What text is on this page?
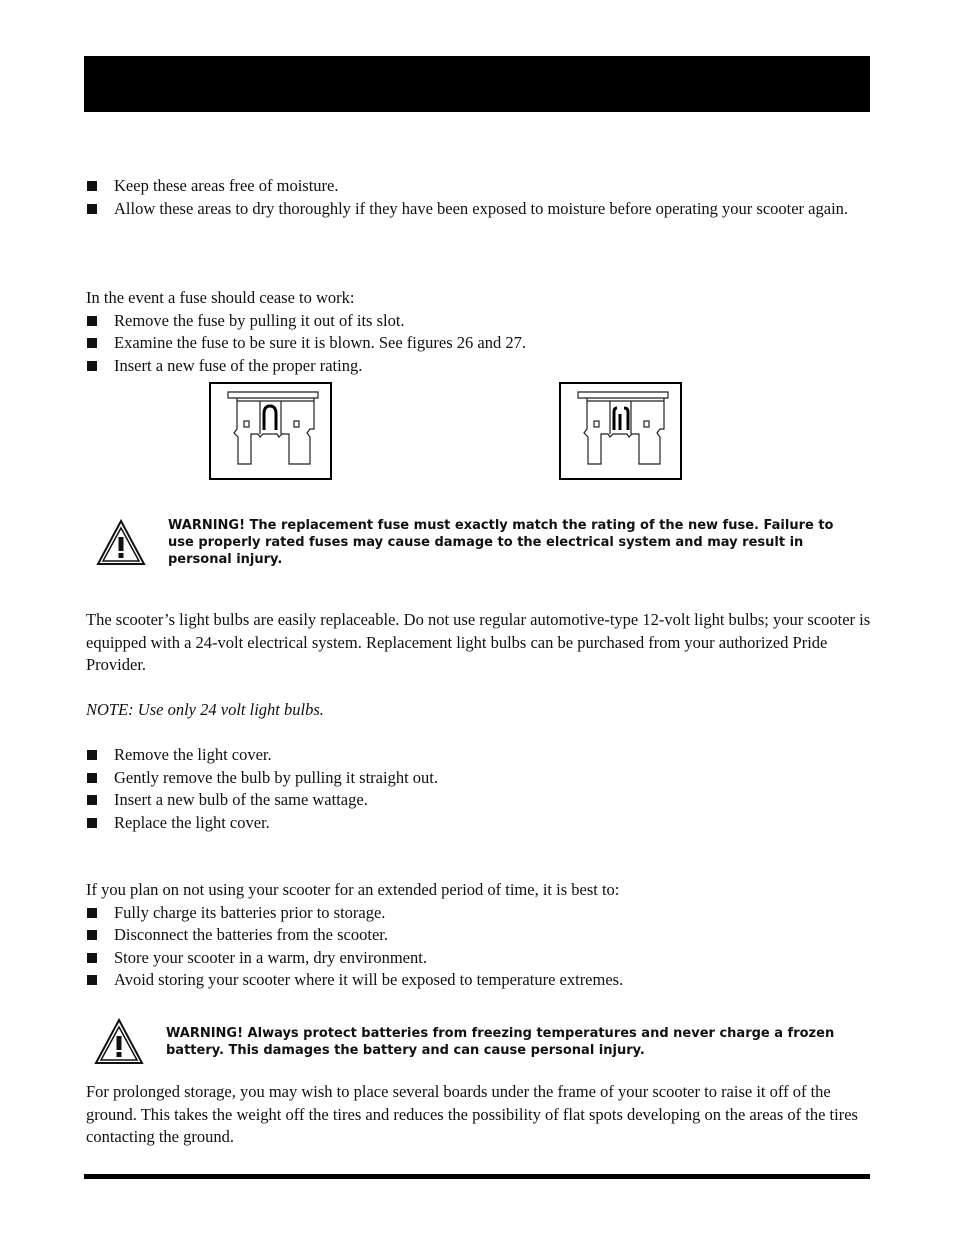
Keep these areas free of moisture.
Allow these areas to dry thoroughly if they have been exposed to moisture before operating your scooter again.

In the event a fuse should cease to work:

Remove the fuse by pulling it out of its slot.
Examine the fuse to be sure it is blown. See figures 26 and 27.
Insert a new fuse of the proper rating.
WARNING! The replacement fuse must exactly match the rating of the new fuse. Failure to use properly rated fuses may cause damage to the electrical system and may result in personal injury.

The scooter’s light bulbs are easily replaceable. Do not use regular automotive-type 12-volt light bulbs; your scooter is equipped with a 24-volt electrical system. Replacement light bulbs can be purchased from your authorized Pride Provider.

NOTE: Use only 24 volt light bulbs.

Remove the light cover.
Gently remove the bulb by pulling it straight out.
Insert a new bulb of the same wattage.
Replace the light cover.

If you plan on not using your scooter for an extended period of time, it is best to:

Fully charge its batteries prior to storage.
Disconnect the batteries from the scooter.
Store your scooter in a warm, dry environment.
Avoid storing your scooter where it will be exposed to temperature extremes.
WARNING! Always protect batteries from freezing temperatures and never charge a frozen battery. This damages the battery and can cause personal injury.
For prolonged storage, you may wish to place several boards under the frame of your scooter to raise it off of the ground. This takes the weight off the tires and reduces the possibility of flat spots developing on the areas of the tires contacting the ground.
